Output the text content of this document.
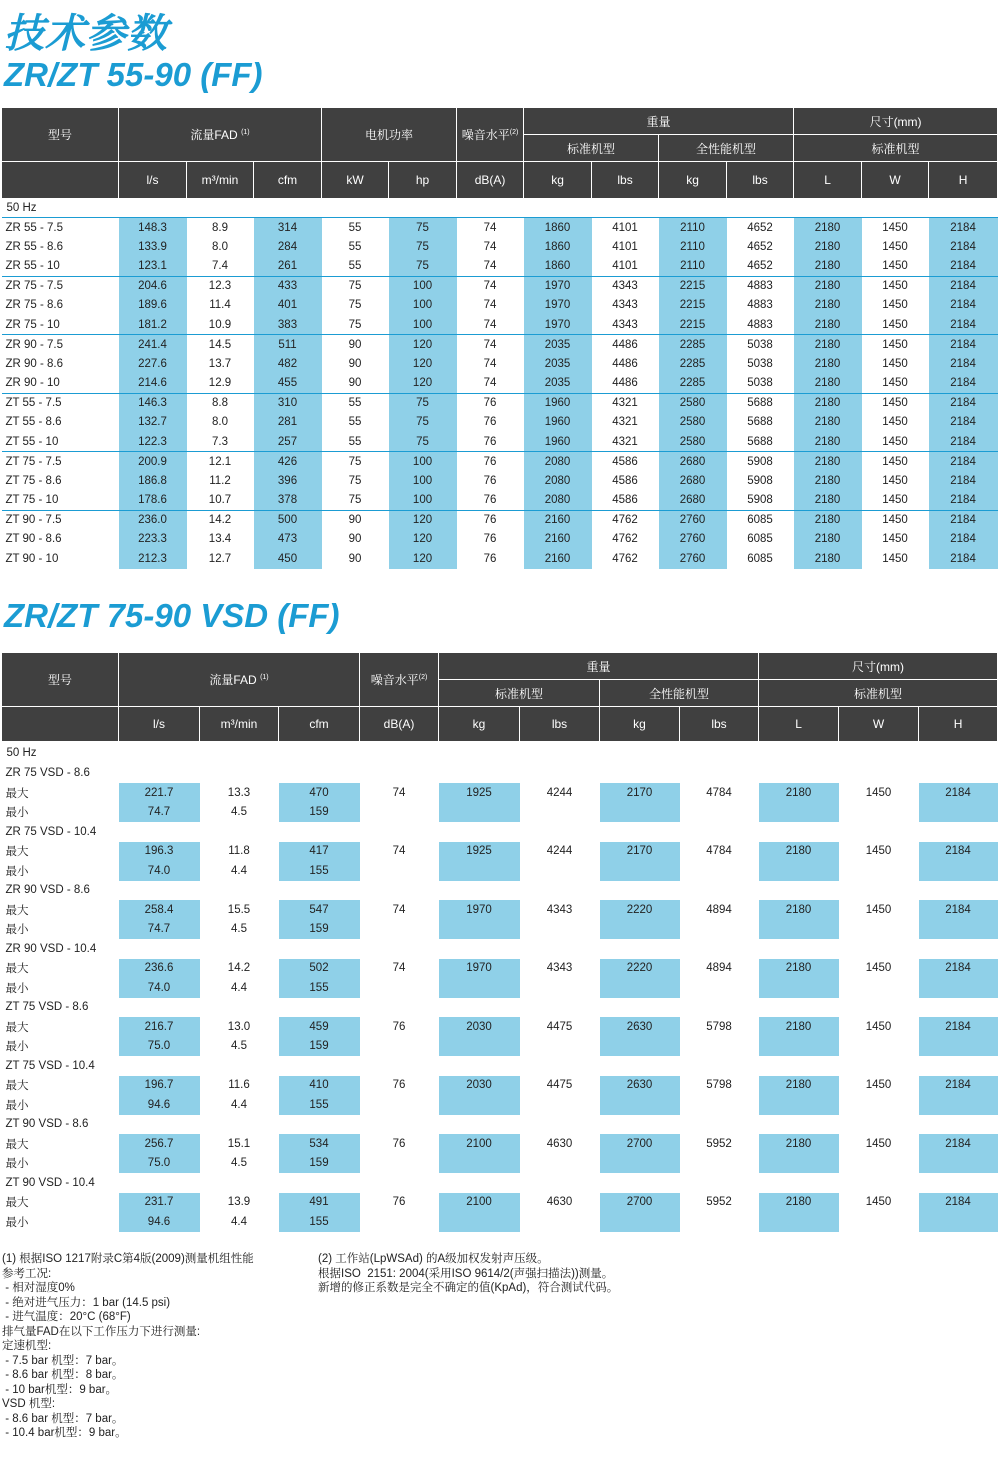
技术参数
ZR/ZT 55-90 (FF)
型号	流量FAD $^{(1)}$			电机功率		噪音水平$^{(2)}$	重量				尺寸(mm)		
							标准机型		全性能机型		标准机型		
	l/s	m³/min	cfm	kW	hp	dB(A)	kg	lbs	kg	lbs	L	W	H
50 Hz													
ZR 55 - 7.5	148.3	8.9	314	55	75	74	1860	4101	2110	4652	2180	1450	2184
ZR 55 - 8.6	133.9	8.0	284	55	75	74	1860	4101	2110	4652	2180	1450	2184
ZR 55 - 10	123.1	7.4	261	55	75	74	1860	4101	2110	4652	2180	1450	2184
ZR 75 - 7.5	204.6	12.3	433	75	100	74	1970	4343	2215	4883	2180	1450	2184
ZR 75 - 8.6	189.6	11.4	401	75	100	74	1970	4343	2215	4883	2180	1450	2184
ZR 75 - 10	181.2	10.9	383	75	100	74	1970	4343	2215	4883	2180	1450	2184
ZR 90 - 7.5	241.4	14.5	511	90	120	74	2035	4486	2285	5038	2180	1450	2184
ZR 90 - 8.6	227.6	13.7	482	90	120	74	2035	4486	2285	5038	2180	1450	2184
ZR 90 - 10	214.6	12.9	455	90	120	74	2035	4486	2285	5038	2180	1450	2184
ZT 55 - 7.5	146.3	8.8	310	55	75	76	1960	4321	2580	5688	2180	1450	2184
ZT 55 - 8.6	132.7	8.0	281	55	75	76	1960	4321	2580	5688	2180	1450	2184
ZT 55 - 10	122.3	7.3	257	55	75	76	1960	4321	2580	5688	2180	1450	2184
ZT 75 - 7.5	200.9	12.1	426	75	100	76	2080	4586	2680	5908	2180	1450	2184
ZT 75 - 8.6	186.8	11.2	396	75	100	76	2080	4586	2680	5908	2180	1450	2184
ZT 75 - 10	178.6	10.7	378	75	100	76	2080	4586	2680	5908	2180	1450	2184
ZT 90 - 7.5	236.0	14.2	500	90	120	76	2160	4762	2760	6085	2180	1450	2184
ZT 90 - 8.6	223.3	13.4	473	90	120	76	2160	4762	2760	6085	2180	1450	2184
ZT 90 - 10	212.3	12.7	450	90	120	76	2160	4762	2760	6085	2180	1450	2184
ZR/ZT 75-90 VSD (FF)
型号	流量FAD $^{(1)}$			噪音水平$^{(2)}$	重量				尺寸(mm)		
					标准机型		全性能机型		标准机型		
	l/s	m³/min	cfm	dB(A)	kg	lbs	kg	lbs	L	W	H
50 Hz											
ZR 75 VSD - 8.6											
最大	221.7	13.3	470	74	1925	4244	2170	4784	2180	1450	2184
最小	74.7	4.5	159								
ZR 75 VSD - 10.4											
最大	196.3	11.8	417	74	1925	4244	2170	4784	2180	1450	2184
最小	74.0	4.4	155								
ZR 90 VSD - 8.6											
最大	258.4	15.5	547	74	1970	4343	2220	4894	2180	1450	2184
最小	74.7	4.5	159								
ZR 90 VSD - 10.4											
最大	236.6	14.2	502	74	1970	4343	2220	4894	2180	1450	2184
最小	74.0	4.4	155								
ZT 75 VSD - 8.6											
最大	216.7	13.0	459	76	2030	4475	2630	5798	2180	1450	2184
最小	75.0	4.5	159								
ZT 75 VSD - 10.4											
最大	196.7	11.6	410	76	2030	4475	2630	5798	2180	1450	2184
最小	94.6	4.4	155								
ZT 90 VSD - 8.6											
最大	256.7	15.1	534	76	2100	4630	2700	5952	2180	1450	2184
最小	75.0	4.5	159								
ZT 90 VSD - 10.4											
最大	231.7	13.9	491	76	2100	4630	2700	5952	2180	1450	2184
最小	94.6	4.4	155								
(1) 根据ISO 1217附录C第4版(2009)测量机组性能
参考工况:
- 相对湿度0%
- 绝对进气压力：1 bar (14.5 psi)
- 进气温度：20°C (68°F)
排气量FAD在以下工作压力下进行测量:
定速机型:
- 7.5 bar 机型：7 bar。
- 8.6 bar 机型：8 bar。
- 10 bar机型：9 bar。
VSD 机型:
- 8.6 bar 机型：7 bar。
- 10.4 bar机型：9 bar。
(2) 工作站(LpWSAd) 的A级加权发射声压级。
根据ISO  2151: 2004(采用ISO 9614/2(声强扫描法))测量。
新增的修正系数是完全不确定的值(KpAd)，符合测试代码。
